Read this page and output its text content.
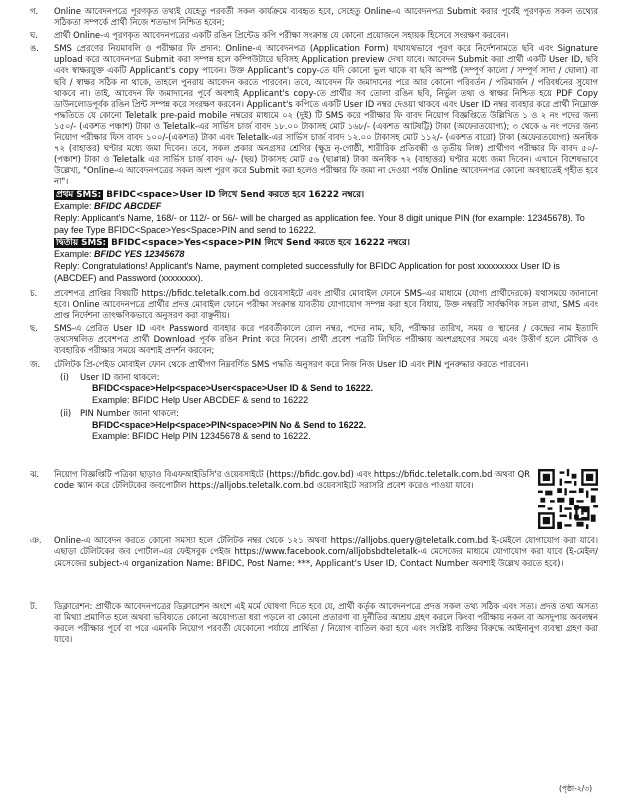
গ.	Online আবেদনপত্রে পূরণকৃত তথ্যই যেহেতু পরবর্তী সকল কার্যক্রমে ব্যবহৃত হবে, সেহেতু Online-এ আবেদনপত্র Submit করার পূর্বেই পূরণকৃত সকল তথ্যের সঠিকতা সম্পর্কে প্রার্থী নিজে শতভাগ নিশ্চিত হবেন;
ঘ.	প্রার্থী Online-এ পূরণকৃত আবেদনপত্রের একটি রঙিন প্রিন্টেড কপি পরীক্ষা সংক্রান্ত যে কোনো প্রয়োজনে সহায়ক হিসেবে সংরক্ষণ করবেন।
ঙ.	SMS প্রেরণের নিয়মাবলি ও পরীক্ষার ফি প্রদান: Online-এ আবেদনপত্র (Application Form) যথাযথভাবে পূরণ করে নির্দেশনামতে ছবি এবং Signature upload করে আবেদনপত্র Submit করা সম্পন্ন হলে কম্পিউটারে ছবিসহ Application preview দেখা যাবে। আবেদন Submit করা প্রার্থী একটি User ID, ছবি এবং স্বাক্ষরযুক্ত একটি Applicant's copy পাবেন। উক্ত Applicant's copy-তে যদি কোনো ভুল থাকে বা ছবি অস্পষ্ট (সম্পূর্ণ কালো / সম্পূর্ণ সাদা / ঘোলা) বা ছবি / স্বাক্ষর সঠিক না থাকে, তাহলে পুনরায় আবেদন করতে পারবেন। তবে, আবেদন ফি জমাদানের পরে আর কোনো পরিবর্তন / পরিমার্জন / পরিবর্ধনের সুযোগ থাকবে না। তাই, আবেদন ফি জমাদানের পূর্বে অবশ্যই Applicant's copy-তে প্রার্থীর সব তোলা রঙিন ছবি, নির্ভুল তথ্য ও স্বাক্ষর নিশ্চিত হয়ে PDF Copy ডাউনলোডপূর্বক রঙিন প্রিন্ট সম্পন্ন করে সংরক্ষণ করবেন। Applicant's কপিতে একটি User ID নম্বর দেওয়া থাকবে এবং User ID নম্বর ব্যবহার করে প্রার্থী নিম্নোক্ত পদ্ধতিতে যে কোনো Teletalk pre-paid mobile নম্বরের মাধ্যমে ০২ (দুই) টি SMS করে পরীক্ষার ফি বাবদ নিয়োগ বিজ্ঞপ্তিতে উল্লিখিত ১ ও ২ নং পদের জন্য ১৫০/- (একশত পঞ্চাশ) টাকা ও Teletalk-এর সার্ভিস চার্জ বাবদ ১৮.০০ টাকাসহ মোট ১৬৮/- (একশত আটষট্টি) টাকা (অফেরতযোগ্য); ৩ থেকে ৬ নং পদের জন্য নিয়োগ পরীক্ষার ফিস বাবদ ১০০/-(একশত) টাকা এবং Teletalk-এর সার্ভিস চার্জ বাবদ ১২.০০ টাকাসহ মোট ১১২/- (একশত বারো) টাকা (অফেরতযোগ্য) অনধিক ৭২ (বাহাত্তর) ঘণ্টার মধ্যে জমা দিবেন। তবে, সকল প্রকার অনগ্রসর শ্রেণির (ক্ষুদ্র নৃ-গোষ্ঠী, শারীরিক প্রতিবন্ধী ও তৃতীয় লিঙ্গ) প্রার্থীগণ পরীক্ষার ফি বাবদ ৫০/- (পঞ্চাশ) টাকা ও Teletalk এর সার্ভিস চার্জ বাবদ ৬/- (ছয়) টাকাসহ মোট ৫৬ (ছাপ্পান্ন) টাকা অনধিক ৭২ (বাহাত্তর) ঘণ্টার মধ্যে জমা দিবেন। এখানে বিশেষভাবে উল্লেখ্য, "Online-এ আবেদনপত্রের সকল অংশ পূরণ করে Submit করা হলেও পরীক্ষার ফি জমা না দেওয়া পর্যন্ত Online আবেদনপত্র কোনো অবস্থাতেই গৃহীত হবে না"।
প্রথম SMS: BFIDC<space>User ID লিখে Send করতে হবে 16222 নম্বরে।
Example: BFIDC ABCDEF
Reply: Applicant's Name, 168/- or 112/- or 56/- will be charged as application fee. Your 8 digit unique PIN (for example: 12345678). To pay fee Type BFIDC<Space>Yes<Space>PIN and send to 16222.
দ্বিতীয় SMS: BFIDC<space>Yes<space>PIN লিখে Send করতে হবে 16222 নম্বরে।
Example: BFIDC YES 12345678
Reply: Congratulations! Applicant's Name, payment completed successfully for BFIDC Application for post xxxxxxxxx User ID is (ABCDEF) and Password (xxxxxxxx).
চ.	প্রবেশপত্র প্রাপ্তির বিষয়টি https://bfidc.teletalk.com.bd ওয়েবসাইটে এবং প্রার্থীর মোবাইল ফোনে SMS-এর মাধ্যমে (যোগ্য প্রার্থীদেরকে) যথাসময়ে জানানো হবে। Online আবেদনপত্রে প্রার্থীর প্রদত্ত মোবাইল ফোনে পরীক্ষা সংক্রান্ত যাবতীয় যোগাযোগ সম্পন্ন করা হবে বিধায়, উক্ত নম্বরটি সার্বক্ষণিক সচল রাখা, SMS এবং প্রাপ্ত নির্দেশনা তাৎক্ষণিকভাবে অনুসরণ করা বাঞ্ছনীয়।
ছ.	SMS-এ প্রেরিত User ID এবং Password ব্যবহার করে পরবর্তীকালে রোল নম্বর, পদের নাম, ছবি, পরীক্ষার তারিখ, সময় ও স্থানের / কেন্দ্রের নাম ইত্যাদি তথ্যসম্বলিত প্রবেশপত্র প্রার্থী Download পূর্বক রঙিন Print করে নিবেন। প্রার্থী প্রবেশ পত্রটি লিখিত পরীক্ষায় অংশগ্রহণের সময়ে এবং উত্তীর্ণ হলে মৌখিক ও ব্যবহারিক পরীক্ষার সময়ে অবশ্যই প্রদর্শন করবেন;
জ.	টেলিটক প্রি-পেইড মোবাইল ফোন থেকে প্রার্থীগণ নিম্নবর্ণিত SMS পদ্ধতি অনুসরণ করে নিজ নিজ User ID এবং PIN পুনরুদ্ধার করতে পারবেন।
(i)	User ID জানা থাকলে:
BFIDC<space>Help<space>User<space>User ID & Send to 16222.
Example: BFIDC Help User ABCDEF & send to 16222
(ii)	PIN Number জানা থাকলে:
BFIDC<space>Help<space>PIN<space>PIN No & Send to 16222.
Example: BFIDC Help PIN 12345678 & send to 16222.
ঝ.	নিয়োগ বিজ্ঞপ্তিটি পত্রিকা ছাড়াও বিএফআইডিসি'র ওয়েবসাইটে (https://bfidc.gov.bd) এবং https://bfidc.teletalk.com.bd অথবা QR code স্ক্যান করে টেলিটকের জবপোর্টাল https://alljobs.teletalk.com.bd ওয়েবসাইটে সরাসরি প্রবেশ করেও পাওয়া যাবে।
ঞ.	Online-এ আবেদন করতে কোনো সমস্যা হলে টেলিটক নম্বর থেকে ১২১ অথবা https://alljobs.query@teletalk.com.bd ই-মেইলে যোগাযোগ করা যাবে। এছাড়া টেলিটকের জব পোর্টাল-এর ফেইসবুক পেইজ https://www.facebook.com/alljobsbdteletalk-এ মেসেজের মাধ্যমে যোগাযোগ করা যাবে (ই-মেইল/মেসেজের subject-এ organization Name: BFIDC, Post Name: ***, Applicant's User ID, Contact Number অবশ্যই উল্লেখ করতে হবে)।
ট.	ডিক্লারেশন: প্রার্থীকে আবেদনপত্রের ডিক্লারেশন অংশে এই মর্মে ঘোষণা দিতে হবে যে, প্রার্থী কর্তৃক আবেদনপত্রে প্রদত্ত সকল তথ্য সঠিক এবং সত্য। প্রদত্ত তথ্য অসত্য বা মিথ্যা প্রমাণিত হলে অথবা ভবিষ্যতে কোনো অযোগ্যতা ধরা পড়লে বা কোনো প্রতারণা বা দুর্নীতির আশ্রয় গ্রহণ করলে কিংবা পরীক্ষায় নকল বা অসদুপায় অবলম্বন করলে পরীক্ষার পূর্বে বা পরে এমনকি নিয়োগ পরবর্তী যেকোনো পর্যায়ে প্রার্থিতা / নিয়োগ বাতিল করা হবে এবং সংশ্লিষ্ট ব্যক্তির বিরুদ্ধে আইনানুগ ব্যবস্থা গ্রহণ করা যাবে।
(পৃষ্ঠা-২/৩)
